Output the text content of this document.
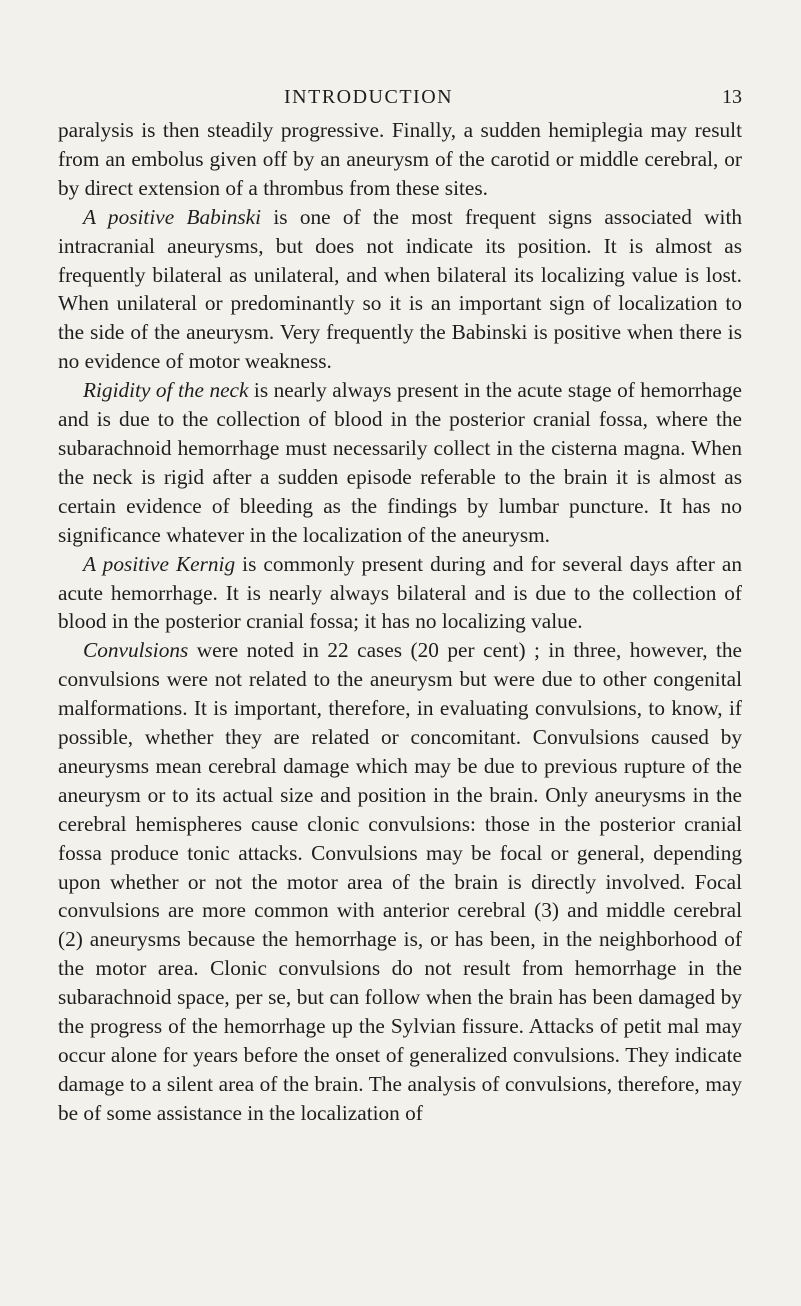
INTRODUCTION	13

paralysis is then steadily progressive. Finally, a sudden hemiplegia may result from an embolus given off by an aneurysm of the carotid or middle cerebral, or by direct extension of a thrombus from these sites.

A positive Babinski is one of the most frequent signs associated with intracranial aneurysms, but does not indicate its position. It is almost as frequently bilateral as unilateral, and when bilateral its localizing value is lost. When unilateral or predominantly so it is an important sign of localization to the side of the aneurysm. Very frequently the Babinski is positive when there is no evidence of motor weakness.

Rigidity of the neck is nearly always present in the acute stage of hemorrhage and is due to the collection of blood in the posterior cranial fossa, where the subarachnoid hemorrhage must necessarily collect in the cisterna magna. When the neck is rigid after a sudden episode referable to the brain it is almost as certain evidence of bleeding as the findings by lumbar puncture. It has no significance whatever in the localization of the aneurysm.

A positive Kernig is commonly present during and for several days after an acute hemorrhage. It is nearly always bilateral and is due to the collection of blood in the posterior cranial fossa; it has no localizing value.

Convulsions were noted in 22 cases (20 per cent) ; in three, however, the convulsions were not related to the aneurysm but were due to other congenital malformations. It is important, therefore, in evaluating convulsions, to know, if possible, whether they are related or concomitant. Convulsions caused by aneurysms mean cerebral damage which may be due to previous rupture of the aneurysm or to its actual size and position in the brain. Only aneurysms in the cerebral hemispheres cause clonic convulsions: those in the posterior cranial fossa produce tonic attacks. Convulsions may be focal or general, depending upon whether or not the motor area of the brain is directly involved. Focal convulsions are more common with anterior cerebral (3) and middle cerebral (2) aneurysms because the hemorrhage is, or has been, in the neighborhood of the motor area. Clonic convulsions do not result from hemorrhage in the subarachnoid space, per se, but can follow when the brain has been damaged by the progress of the hemorrhage up the Sylvian fissure. Attacks of petit mal may occur alone for years before the onset of generalized convulsions. They indicate damage to a silent area of the brain. The analysis of convulsions, therefore, may be of some assistance in the localization of
